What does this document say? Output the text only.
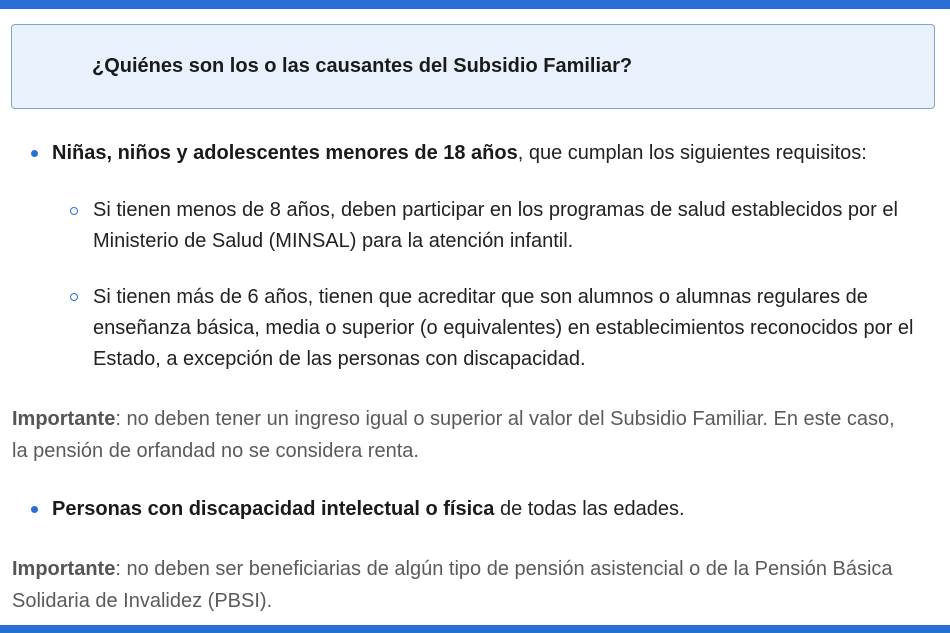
¿Quiénes son los o las causantes del Subsidio Familiar?
Niñas, niños y adolescentes menores de 18 años, que cumplan los siguientes requisitos:
Si tienen menos de 8 años, deben participar en los programas de salud establecidos por el Ministerio de Salud (MINSAL) para la atención infantil.
Si tienen más de 6 años, tienen que acreditar que son alumnos o alumnas regulares de enseñanza básica, media o superior (o equivalentes) en establecimientos reconocidos por el Estado, a excepción de las personas con discapacidad.
Importante: no deben tener un ingreso igual o superior al valor del Subsidio Familiar. En este caso, la pensión de orfandad no se considera renta.
Personas con discapacidad intelectual o física de todas las edades.
Importante: no deben ser beneficiarias de algún tipo de pensión asistencial o de la Pensión Básica Solidaria de Invalidez (PBSI).
